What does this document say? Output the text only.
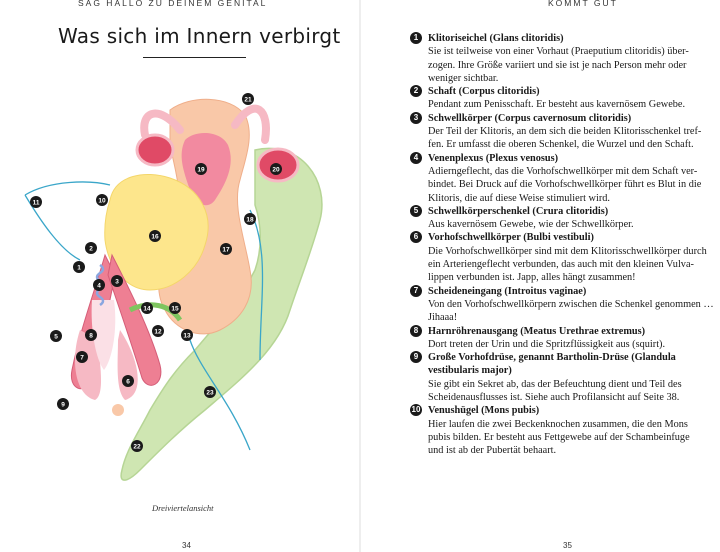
SAG HALLO ZU DEINEM GENITAL	KOMMT GUT
Was sich im Innern verbirgt
1
2
3
4
5
6
7
8
9
10
11
12
13
14	15
16
17
18
19	20
21
22
23
Dreiviertelansicht
34	35
1 Klitoriseichel (Glans clitoridis)
Sie ist teilweise von einer Vorhaut (Praeputium clitoridis) über-
zogen. Ihre Größe variiert und sie ist je nach Person mehr oder
weniger sichtbar.
2 Schaft (Corpus clitoridis)
Pendant zum Penisschaft. Er besteht aus kavernösem Gewebe.
3 Schwellkörper (Corpus cavernosum clitoridis)
Der Teil der Klitoris, an dem sich die beiden Klitorisschenkel tref-
fen. Er umfasst die oberen Schenkel, die Wurzel und den Schaft.
4 Venenplexus (Plexus venosus)
Adierngeflecht, das die Vorhofschwellkörper mit dem Schaft ver-
bindet. Bei Druck auf die Vorhofschwellkörper führt es Blut in die
Klitoris, die auf diese Weise stimuliert wird.
5 Schwellkörperschenkel (Crura clitoridis)
Aus kavernösem Gewebe, wie der Schwellkörper.
6 Vorhofschwellkörper (Bulbi vestibuli)
Die Vorhofschwellkörper sind mit dem Klitorisschwellkörper durch
ein Arteriengeflecht verbunden, das auch mit den kleinen Vulva-
lippen verbunden ist. Japp, alles hängt zusammen!
7 Scheideneingang (Introitus vaginae)
Von den Vorhofschwellkörpern zwischen die Schenkel genommen …
Jihaaa!
8 Harnröhrenausgang (Meatus Urethrae extremus)
Dort treten der Urin und die Spritzflüssigkeit aus (squirt).
9 Große Vorhofdrüse, genannt Bartholin-Drüse (Glandula
vestibularis major)
Sie gibt ein Sekret ab, das der Befeuchtung dient und Teil des
Scheidenausflusses ist. Siehe auch Profilansicht auf Seite 38.
10 Venushügel (Mons pubis)
Hier laufen die zwei Beckenknochen zusammen, die den Mons
pubis bilden. Er besteht aus Fettgewebe auf der Schambeinfuge
und ist ab der Pubertät behaart.
